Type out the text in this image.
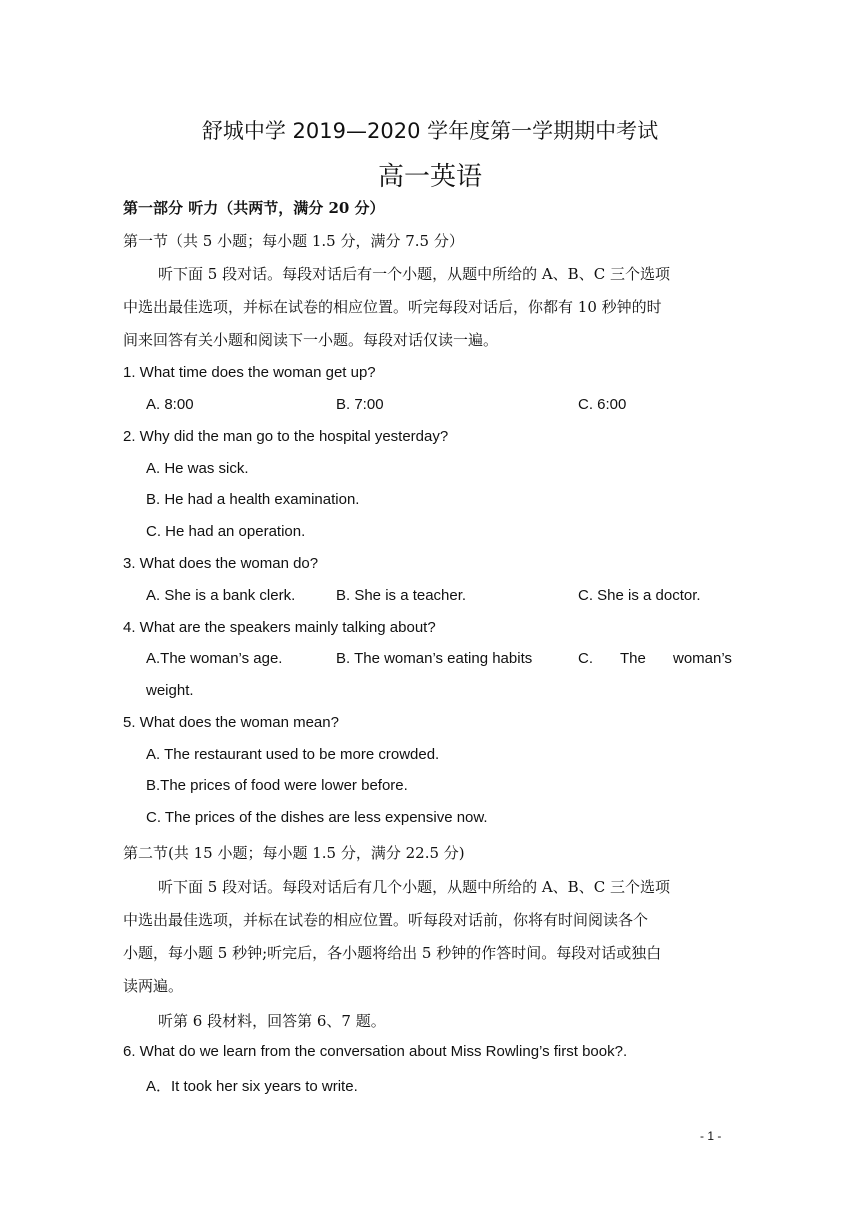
舒城中学 2019—2020 学年度第一学期期中考试
高一英语
第一部分 听力（共两节，满分 20 分）
第一节（共 5 小题；每小题 1.5 分，满分 7.5 分）
听下面 5 段对话。每段对话后有一个小题，从题中所给的 A、B、C 三个选项
中选出最佳选项，并标在试卷的相应位置。听完每段对话后，你都有 10 秒钟的时
间来回答有关小题和阅读下一小题。每段对话仅读一遍。
1. What time does the woman get up?
A. 8:00	B. 7:00	C. 6:00
2. Why did the man go to the hospital yesterday?
A. He was sick.
B. He had a health examination.
C. He had an operation.
3. What does the woman do?
A. She is a bank clerk.	B. She is a teacher.	C. She is a doctor.
4. What are the speakers mainly talking about?
A.The woman’s age.	B. The woman’s eating habits	C. The woman’s
weight.
5. What does the woman mean?
A. The restaurant used to be more crowded.
B.The prices of food were lower before.
C. The prices of the dishes are less expensive now.
第二节(共 15 小题；每小题 1.5 分，满分 22.5 分)
听下面 5 段对话。每段对话后有几个小题，从题中所给的 A、B、C 三个选项
中选出最佳选项，并标在试卷的相应位置。听每段对话前，你将有时间阅读各个
小题，每小题 5 秒钟;听完后，各小题将给出 5 秒钟的作答时间。每段对话或独白
读两遍。
听第 6 段材料，回答第 6、7 题。
6. What do we learn from the conversation about Miss Rowling’s first book?.
A．It took her six years to write.
- 1 -
